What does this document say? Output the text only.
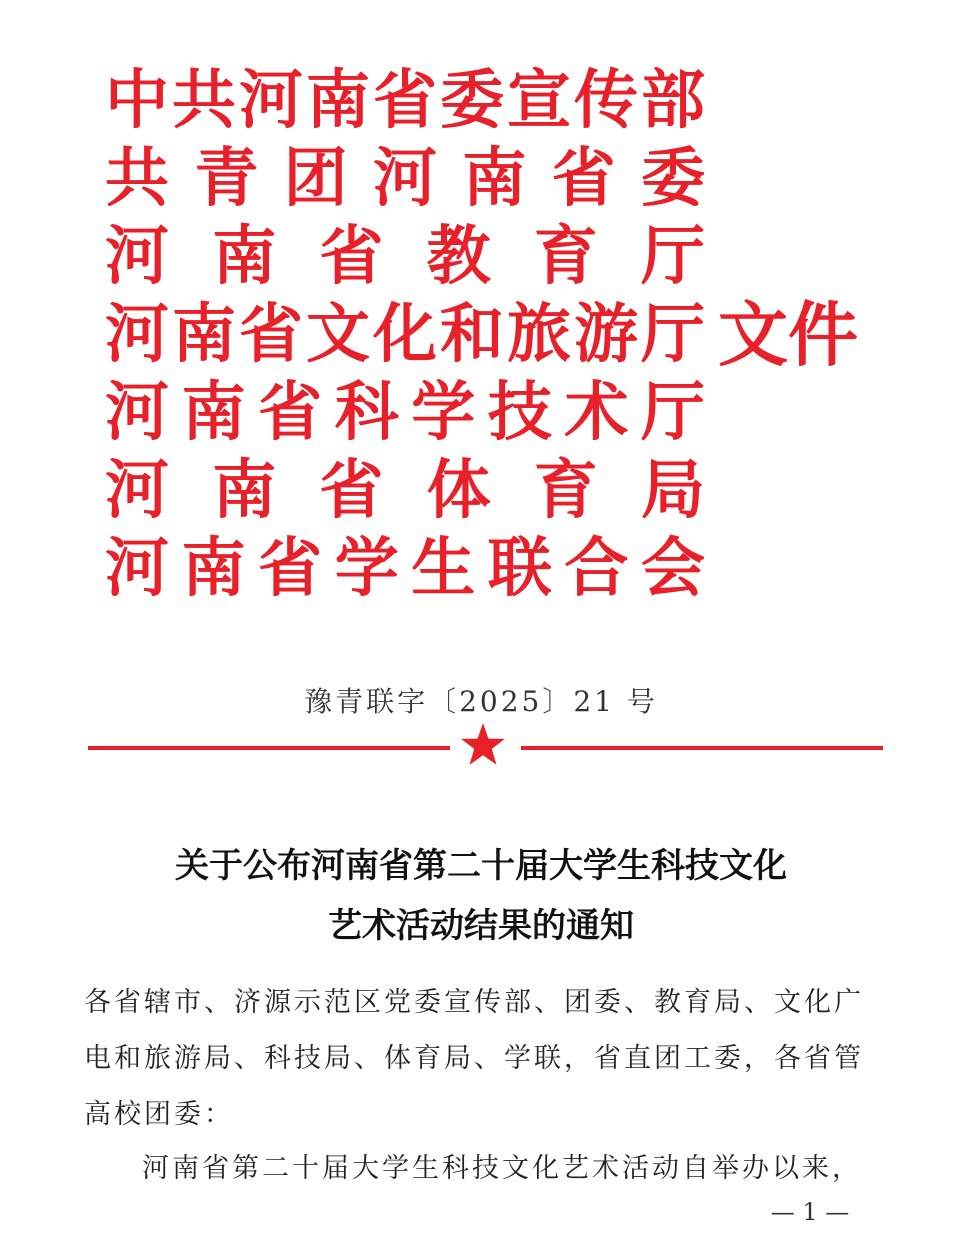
中 共 河 南 省 委 宣 传 部
共 青 团 河 南 省 委
河 南 省 教 育 厅
河 南 省 文 化 和 旅 游 厅
河 南 省 科 学 技 术 厅
河 南 省 体 育 局
河 南 省 学 生 联 合 会
文件
豫青联字〔2025〕21 号
关于公布河南省第二十届大学生科技文化
艺术活动结果的通知
各省辖市、济源示范区党委宣传部、团委、教育局、文化广
电和旅游局、科技局、体育局、学联，省直团工委，各省管
高校团委：
河南省第二十届大学生科技文化艺术活动自举办以来，
— 1 —
